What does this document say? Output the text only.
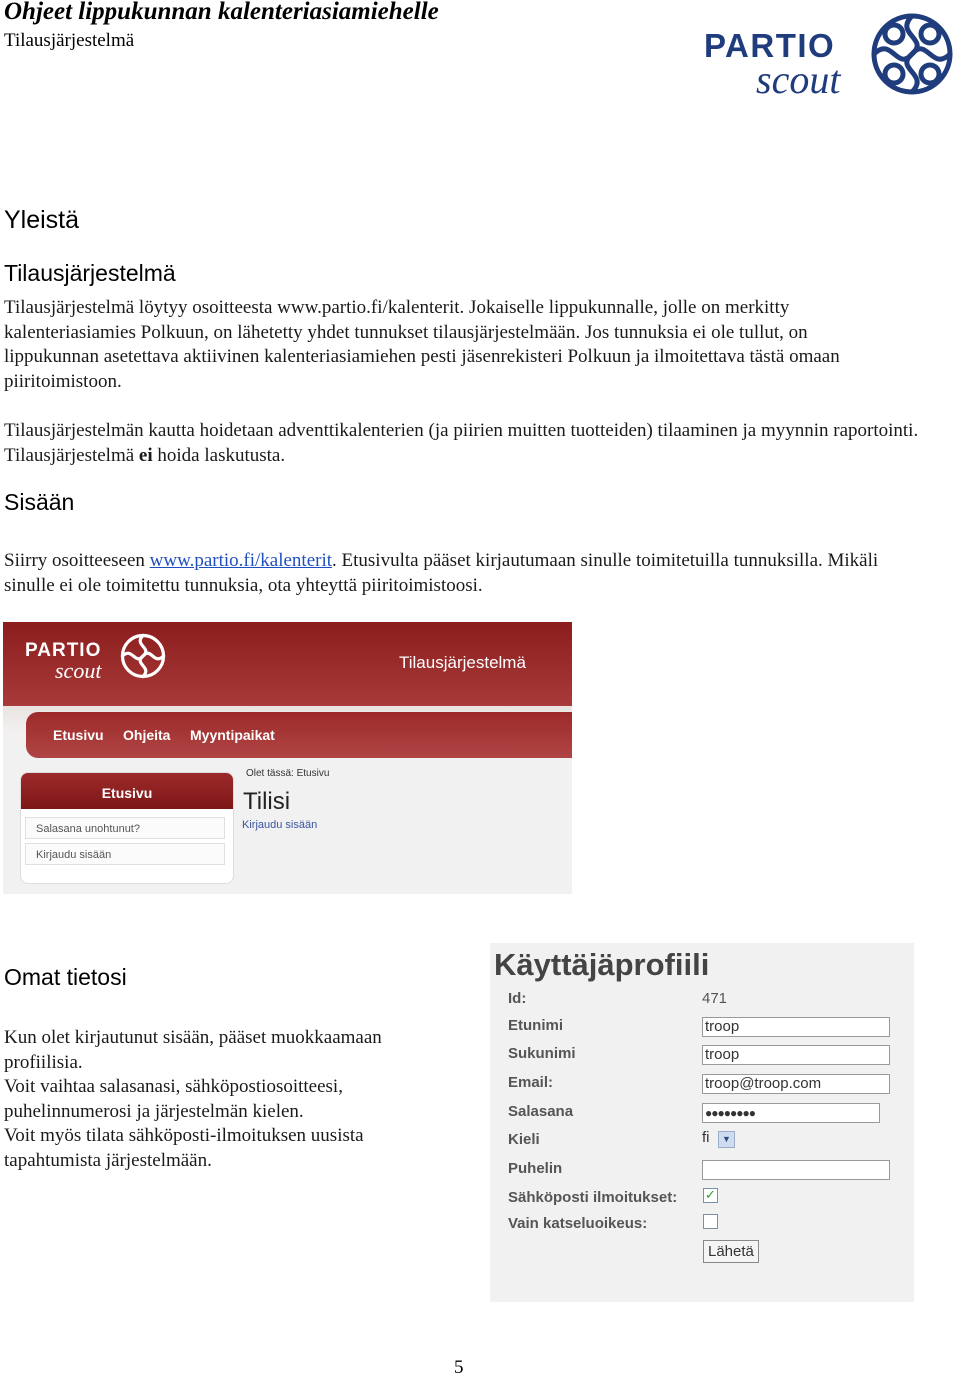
Ohjeet lippukunnan kalenteriasiamiehelle
Tilausjärjestelmä	PARTIO
scout
Yleistä
Tilausjärjestelmä

Tilausjärjestelmä löytyy osoitteesta www.partio.fi/kalenterit. Jokaiselle lippukunnalle, jolle on merkitty kalenteriasiamies Polkuun, on lähetetty yhdet tunnukset tilausjärjestelmään. Jos tunnuksia ei ole tullut, on lippukunnan asetettava aktiivinen kalenteriasiamiehen pesti jäsenrekisteri Polkuun ja ilmoitettava tästä omaan piiritoimistoon.

Tilausjärjestelmän kautta hoidetaan adventtikalenterien (ja piirien muitten tuotteiden) tilaaminen ja myynnin raportointi. Tilausjärjestelmä ei hoida laskutusta.

Sisään

Siirry osoitteeseen www.partio.fi/kalenterit. Etusivulta pääset kirjautumaan sinulle toimitetuilla tunnuksilla. Mikäli sinulle ei ole toimitettu tunnuksia, ota yhteyttä piiritoimistoosi.

PARTIO
scout	Tilausjärjestelmä
Etusivu Ohjeita Myyntipaikat
Etusivu
Salasana unohtunut?
Kirjaudu sisään
Olet tässä: Etusivu
Tilisi
Kirjaudu sisään
Omat tietosi

Kun olet kirjautunut sisään, pääset muokkaamaan profiilisia.

Voit vaihtaa salasanasi, sähköpostiosoitteesi, puhelinnumerosi ja järjestelmän kielen.

Voit myös tilata sähköposti-ilmoituksen uusista tapahtumista järjestelmään.

Käyttäjäprofiili
Id:	471
Etunimi	troop
Sukunimi	troop
Email:	troop@troop.com
Salasana	●●●●●●●●
Kieli	fi	▼
Puhelin
Sähköposti ilmoitukset: ✓
Vain katseluoikeus:
Lähetä
5
